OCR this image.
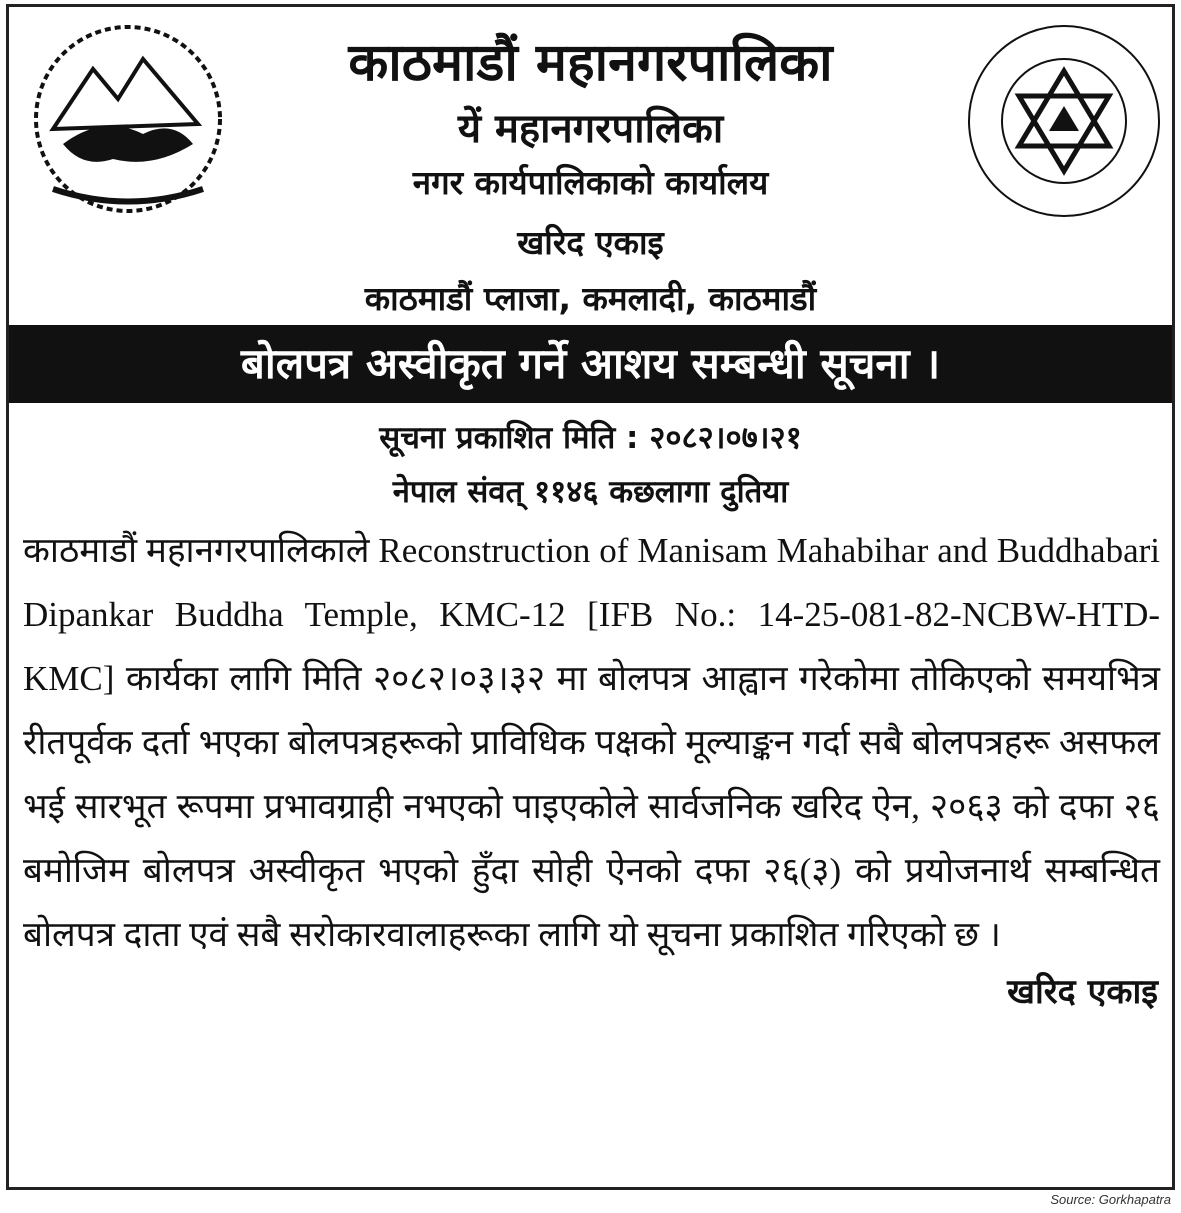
काठमाडौं महानगरपालिका
यें महानगरपालिका
नगर कार्यपालिकाको कार्यालय
खरिद एकाइ
काठमाडौं प्लाजा, कमलादी, काठमाडौं
बोलपत्र अस्वीकृत गर्ने आशय सम्बन्धी सूचना ।
सूचना प्रकाशित मिति : २०८२।०७।२१
नेपाल संवत् ११४६ कछलागा दुतिया
काठमाडौं महानगरपालिकाले Reconstruction of Manisam Mahabihar and Buddhabari Dipankar Buddha Temple, KMC-12 [IFB No.: 14-25-081-82-NCBW-HTD-KMC] कार्यका लागि मिति २०८२।०३।३२ मा बोलपत्र आह्वान गरेकोमा तोकिएको समयभित्र रीतपूर्वक दर्ता भएका बोलपत्रहरूको प्राविधिक पक्षको मूल्याङ्कन गर्दा सबै बोलपत्रहरू असफल भई सारभूत रूपमा प्रभावग्राही नभएको पाइएकोले सार्वजनिक खरिद ऐन, २०६३ को दफा २६ बमोजिम बोलपत्र अस्वीकृत भएको हुँदा सोही ऐनको दफा २६(३) को प्रयोजनार्थ सम्बन्धित बोलपत्र दाता एवं सबै सरोकारवालाहरूका लागि यो सूचना प्रकाशित गरिएको छ ।
खरिद एकाइ
Source: Gorkhapatra
